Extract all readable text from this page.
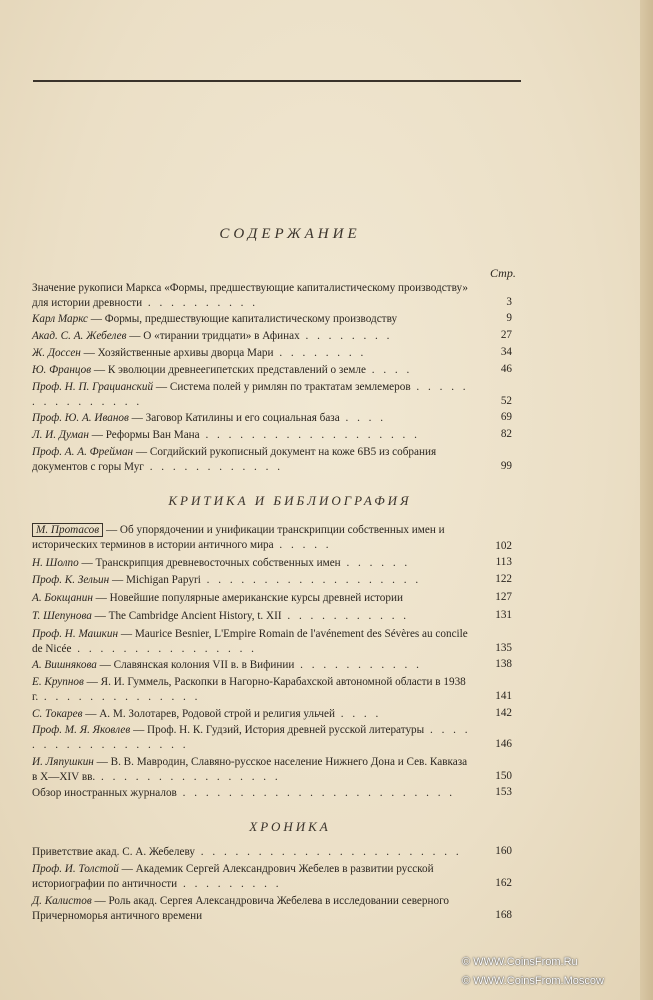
СОДЕРЖАНИЕ
Стр.
Значение рукописи Маркса «Формы, предшествующие капиталистическому производству» для истории древности . . . . . . . . . .	3
Карл Маркс — Формы, предшествующие капиталистическому производству	9
Акад. С. А. Жебелев — О «тирании тридцати» в Афинах . . . . . . . .	27
Ж. Доссен — Хозяйственные архивы дворца Мари . . . . . . . .	34
Ю. Францов — К эволюции древнеегипетских представлений о земле . . . .	46
Проф. Н. П. Грацианский — Система полей у римлян по трактатам землемеров . . . . . . . . . . . . . . .	52
Проф. Ю. А. Иванов — Заговор Катилины и его социальная база . . . .	69
Л. И. Думан — Реформы Ван Мана . . . . . . . . . . . . . . . . . . .	82
Проф. А. А. Фрейман — Согдийский рукописный документ на коже 6В5 из собрания документов с горы Муг . . . . . . . . . . . .	99
КРИТИКА И БИБЛИОГРАФИЯ
М. Протасов — Об упорядочении и унификации транскрипции собственных имен и исторических терминов в истории античного мира . . . . .	102
Н. Шолпо — Транскрипция древневосточных собственных имен . . . . . .	113
Проф. К. Зельин — Michigan Papyri . . . . . . . . . . . . . . . . . . .	122
А. Бокщанин — Новейшие популярные американские курсы древней истории	127
Т. Шепунова — The Cambridge Ancient History, t. XII . . . . . . . . . . .	131
Проф. Н. Машкин — Maurice Besnier, L'Empire Romain de l'avénement des Sévères au concile de Nicée . . . . . . . . . . . . . . . .	135
А. Вишнякова — Славянская колония VII в. в Вифинии . . . . . . . . . . .	138
Е. Крупнов — Я. И. Гуммель, Раскопки в Нагорно-Карабахской автономной области в 1938 г. . . . . . . . . . . . . . .	141
С. Токарев — А. М. Золотарев, Родовой строй и религия ульчей . . . .	142
Проф. М. Я. Яковлев — Проф. Н. К. Гудзий, История древней русской литературы . . . . . . . . . . . . . . . . . .	146
И. Ляпушкин — В. В. Мавродин, Славяно-русское население Нижнего Дона и Сев. Кавказа в X—XIV вв. . . . . . . . . . . . . . . . .	150
Обзор иностранных журналов . . . . . . . . . . . . . . . . . . . . . . . .	153
ХРОНИКА
Приветствие акад. С. А. Жебелеву . . . . . . . . . . . . . . . . . . . . . . .	160
Проф. И. Толстой — Академик Сергей Александрович Жебелев в развитии русской историографии по античности . . . . . . . . .	162
Д. Калистов — Роль акад. Сергея Александровича Жебелева в исследовании северного Причерноморья античного времени	168
© WWW.CoinsFrom.Ru
© WWW.CoinsFrom.Moscow
